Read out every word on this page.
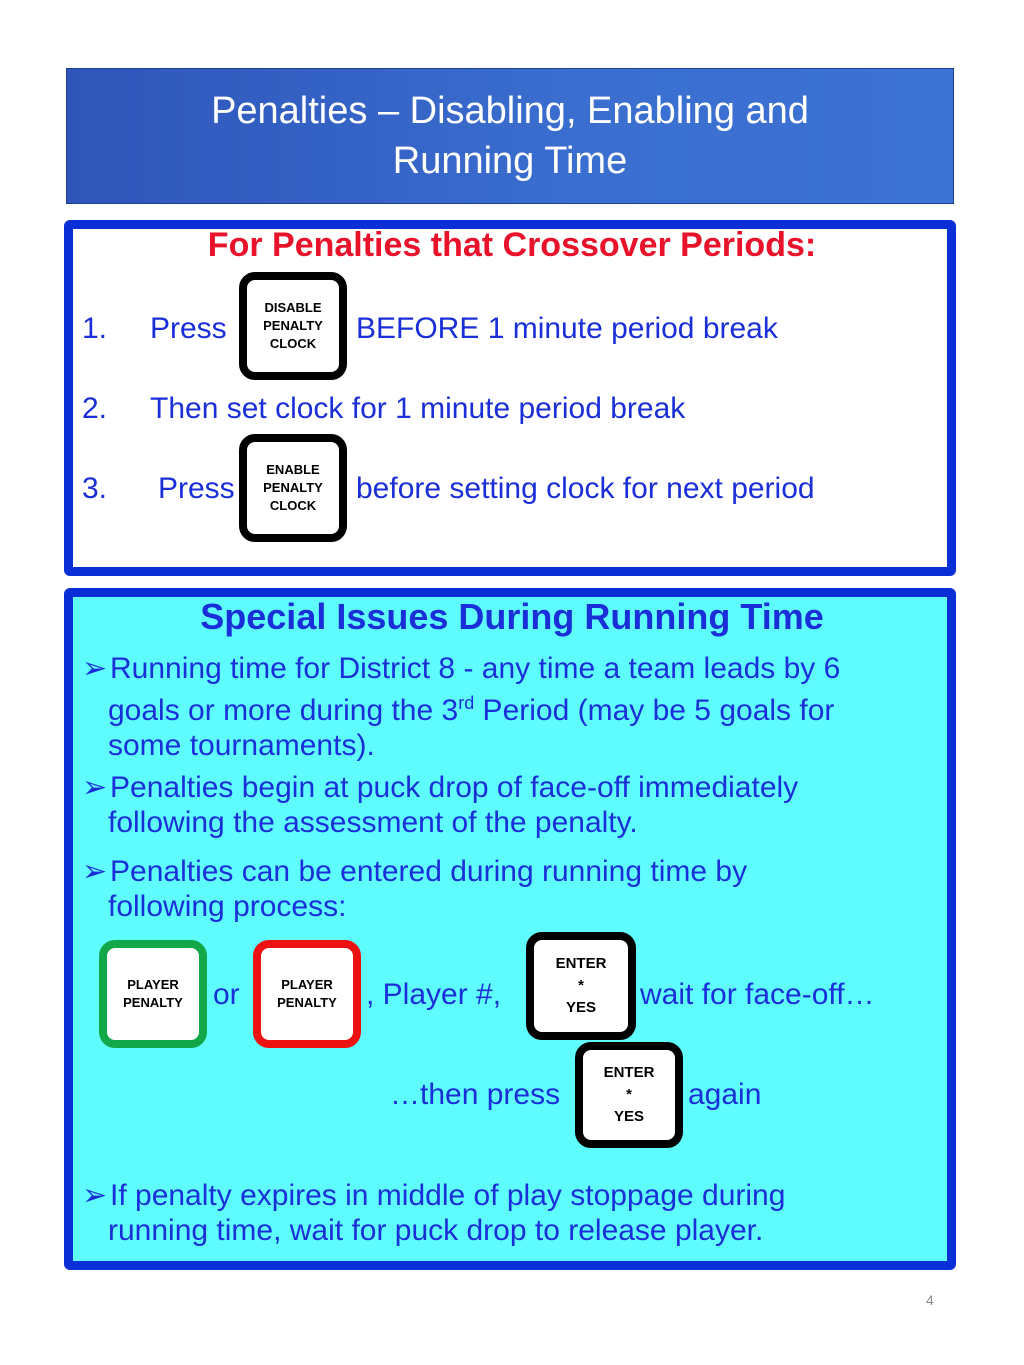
Penalties – Disabling, Enabling and
Running Time
For Penalties that Crossover Periods:
1. Press
DISABLE
PENALTY
CLOCK BEFORE 1 minute period break
2. Then set clock for 1 minute period break
3. Press
ENABLE
PENALTY
CLOCK
before setting clock for next period
Special Issues During Running Time
➢Running time for District 8 - any time a team leads by 6
goals or more during the 3rd Period (may be 5 goals for
some tournaments).
➢Penalties begin at puck drop of face-off immediately
following the assessment of the penalty.
➢Penalties can be entered during running time by
following process:
PLAYER
PENALTY or	PLAYER
PENALTY , Player #,
ENTER
*
YES wait for face-off…
…then press
ENTER
*
YES
again
➢If penalty expires in middle of play stoppage during
running time, wait for puck drop to release player.
4
